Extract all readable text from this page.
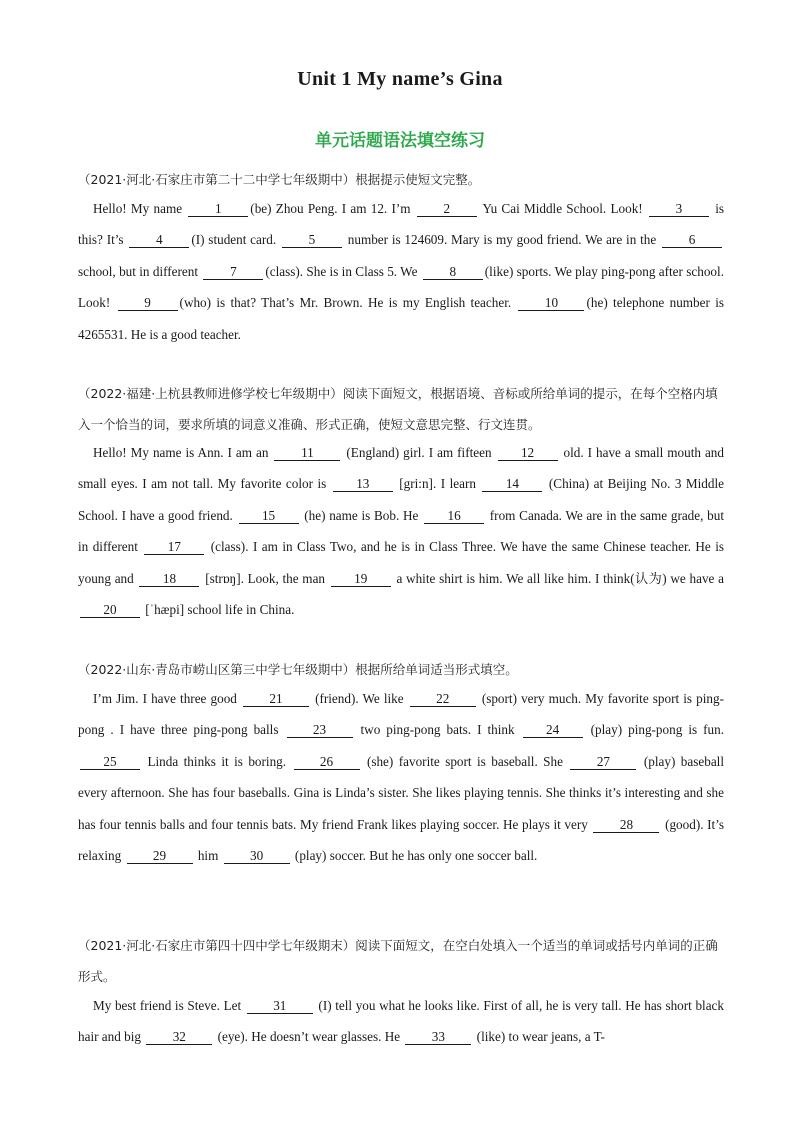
Unit 1 My name’s Gina
单元话题语法填空练习
（2021·河北·石家庄市第二十二中学七年级期中）根据提示使短文完整。
Hello! My name 1 (be) Zhou Peng. I am 12. I’m 2 Yu Cai Middle School. Look! 3 is this? It’s 4 (I) student card. 5 number is 124609. Mary is my good friend. We are in the 6 school, but in different 7 (class). She is in Class 5. We 8 (like) sports. We play ping-pong after school. Look! 9 (who) is that? That’s Mr. Brown. He is my English teacher. 10 (he) telephone number is 4265531. He is a good teacher.
（2022·福建·上杭县教师进修学校七年级期中）阅读下面短文，根据语境、音标或所给单词的提示，在每个空格内填入一个恰当的词，要求所填的词意义准确、形式正确，使短文意思完整、行文连贯。
Hello! My name is Ann. I am an 11 (England) girl. I am fifteen 12 old. I have a small mouth and small eyes. I am not tall. My favorite color is 13 [gri:n]. I learn 14 (China) at Beijing No. 3 Middle School. I have a good friend. 15 (he) name is Bob. He 16 from Canada. We are in the same grade, but in different 17 (class). I am in Class Two, and he is in Class Three. We have the same Chinese teacher. He is young and 18 [strɒŋ]. Look, the man 19 a white shirt is him. We all like him. I think(认为) we have a 20 [ˈhæpi] school life in China.
（2022·山东·青岛市崂山区第三中学七年级期中）根据所给单词适当形式填空。
I’m Jim. I have three good 21 (friend). We like 22 (sport) very much. My favorite sport is ping-pong . I have three ping-pong balls 23 two ping-pong bats. I think 24 (play) ping-pong is fun. 25 Linda thinks it is boring. 26 (she) favorite sport is baseball. She 27 (play) baseball every afternoon. She has four baseballs. Gina is Linda’s sister. She likes playing tennis. She thinks it’s interesting and she has four tennis balls and four tennis bats. My friend Frank likes playing soccer. He plays it very 28 (good). It’s relaxing 29 him 30 (play) soccer. But he has only one soccer ball.
（2021·河北·石家庄市第四十四中学七年级期末）阅读下面短文，在空白处填入一个适当的单词或括号内单词的正确形式。
My best friend is Steve. Let 31 (I) tell you what he looks like. First of all, he is very tall. He has short black hair and big 32 (eye). He doesn’t wear glasses. He 33 (like) to wear jeans, a T-
